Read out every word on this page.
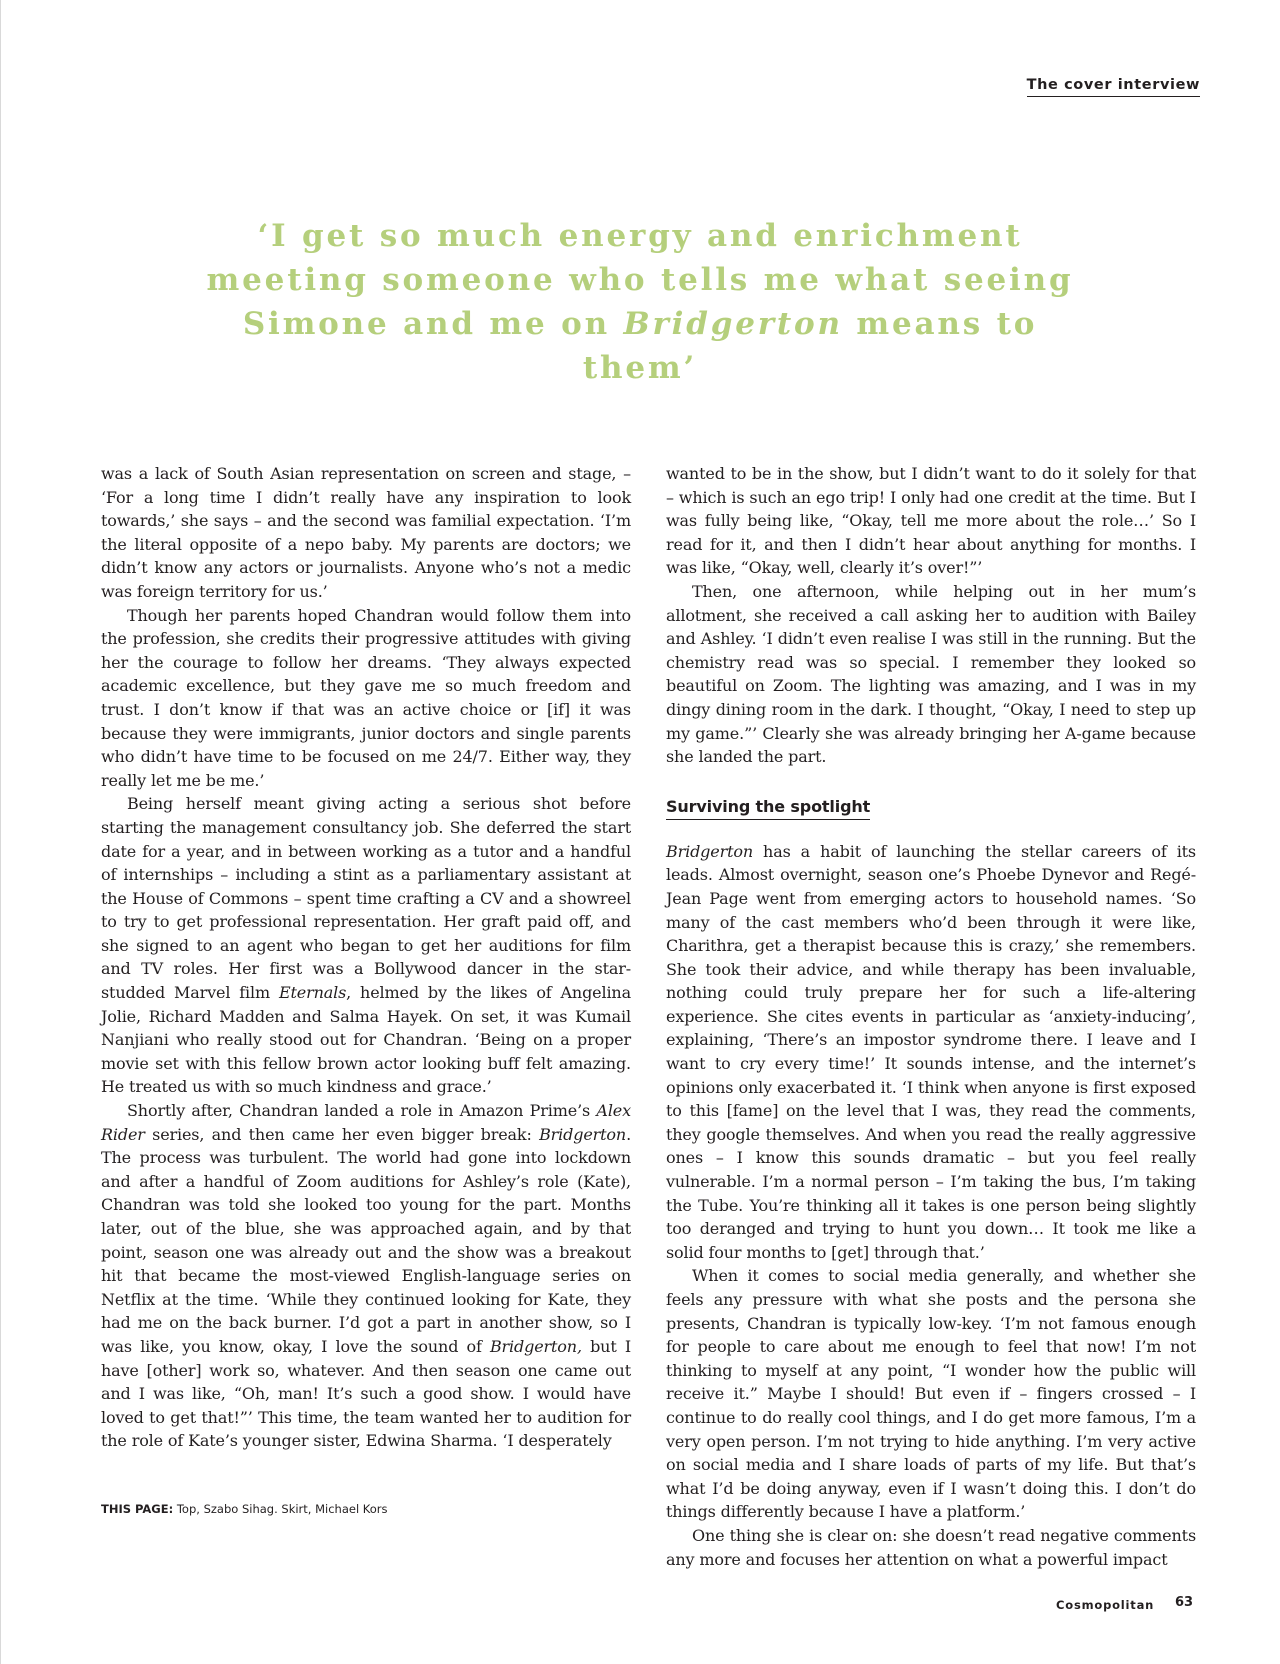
The cover interview
‘I get so much energy and enrichment meeting someone who tells me what seeing Simone and me on Bridgerton means to them’

was a lack of South Asian representation on screen and stage, – ‘For a long time I didn’t really have any inspiration to look towards,’ she says – and the second was familial expectation. ‘I’m the literal opposite of a nepo baby. My parents are doctors; we didn’t know any actors or journalists. Anyone who’s not a medic was foreign territory for us.’

Though her parents hoped Chandran would follow them into the profession, she credits their progressive attitudes with giving her the courage to follow her dreams. ‘They always expected academic excellence, but they gave me so much freedom and trust. I don’t know if that was an active choice or [if] it was because they were immigrants, junior doctors and single parents who didn’t have time to be focused on me 24/7. Either way, they really let me be me.’

Being herself meant giving acting a serious shot before starting the management consultancy job. She deferred the start date for a year, and in between working as a tutor and a handful of internships – including a stint as a parliamentary assistant at the House of Commons – spent time crafting a CV and a showreel to try to get professional representation. Her graft paid off, and she signed to an agent who began to get her auditions for film and TV roles. Her first was a Bollywood dancer in the star-studded Marvel film Eternals, helmed by the likes of Angelina Jolie, Richard Madden and Salma Hayek. On set, it was Kumail Nanjiani who really stood out for Chandran. ‘Being on a proper movie set with this fellow brown actor looking buff felt amazing. He treated us with so much kindness and grace.’

Shortly after, Chandran landed a role in Amazon Prime’s Alex Rider series, and then came her even bigger break: Bridgerton. The process was turbulent. The world had gone into lockdown and after a handful of Zoom auditions for Ashley’s role (Kate), Chandran was told she looked too young for the part. Months later, out of the blue, she was approached again, and by that point, season one was already out and the show was a breakout hit that became the most-viewed English-language series on Netflix at the time. ‘While they continued looking for Kate, they had me on the back burner. I’d got a part in another show, so I was like, you know, okay, I love the sound of Bridgerton, but I have [other] work so, whatever. And then season one came out and I was like, “Oh, man! It’s such a good show. I would have loved to get that!”’ This time, the team wanted her to audition for the role of Kate’s younger sister, Edwina Sharma. ‘I desperately

wanted to be in the show, but I didn’t want to do it solely for that – which is such an ego trip! I only had one credit at the time. But I was fully being like, “Okay, tell me more about the role…’ So I read for it, and then I didn’t hear about anything for months. I was like, “Okay, well, clearly it’s over!”’

Then, one afternoon, while helping out in her mum’s allotment, she received a call asking her to audition with Bailey and Ashley. ‘I didn’t even realise I was still in the running. But the chemistry read was so special. I remember they looked so beautiful on Zoom. The lighting was amazing, and I was in my dingy dining room in the dark. I thought, “Okay, I need to step up my game.”’ Clearly she was already bringing her A-game because she landed the part.

Surviving the spotlight

Bridgerton has a habit of launching the stellar careers of its leads. Almost overnight, season one’s Phoebe Dynevor and Regé-Jean Page went from emerging actors to household names. ‘So many of the cast members who’d been through it were like, Charithra, get a therapist because this is crazy,’ she remembers. She took their advice, and while therapy has been invaluable, nothing could truly prepare her for such a life-altering experience. She cites events in particular as ‘anxiety-inducing’, explaining, ‘There’s an impostor syndrome there. I leave and I want to cry every time!’ It sounds intense, and the internet’s opinions only exacerbated it. ‘I think when anyone is first exposed to this [fame] on the level that I was, they read the comments, they google themselves. And when you read the really aggressive ones – I know this sounds dramatic – but you feel really vulnerable. I’m a normal person – I’m taking the bus, I’m taking the Tube. You’re thinking all it takes is one person being slightly too deranged and trying to hunt you down… It took me like a solid four months to [get] through that.’

When it comes to social media generally, and whether she feels any pressure with what she posts and the persona she presents, Chandran is typically low-key. ‘I’m not famous enough for people to care about me enough to feel that now! I’m not thinking to myself at any point, “I wonder how the public will receive it.” Maybe I should! But even if – fingers crossed – I continue to do really cool things, and I do get more famous, I’m a very open person. I’m not trying to hide anything. I’m very active on social media and I share loads of parts of my life. But that’s what I’d be doing anyway, even if I wasn’t doing this. I don’t do things differently because I have a platform.’

One thing she is clear on: she doesn’t read negative comments any more and focuses her attention on what a powerful impact

THIS PAGE: Top, Szabo Sihag. Skirt, Michael Kors
Cosmopolitan 63
